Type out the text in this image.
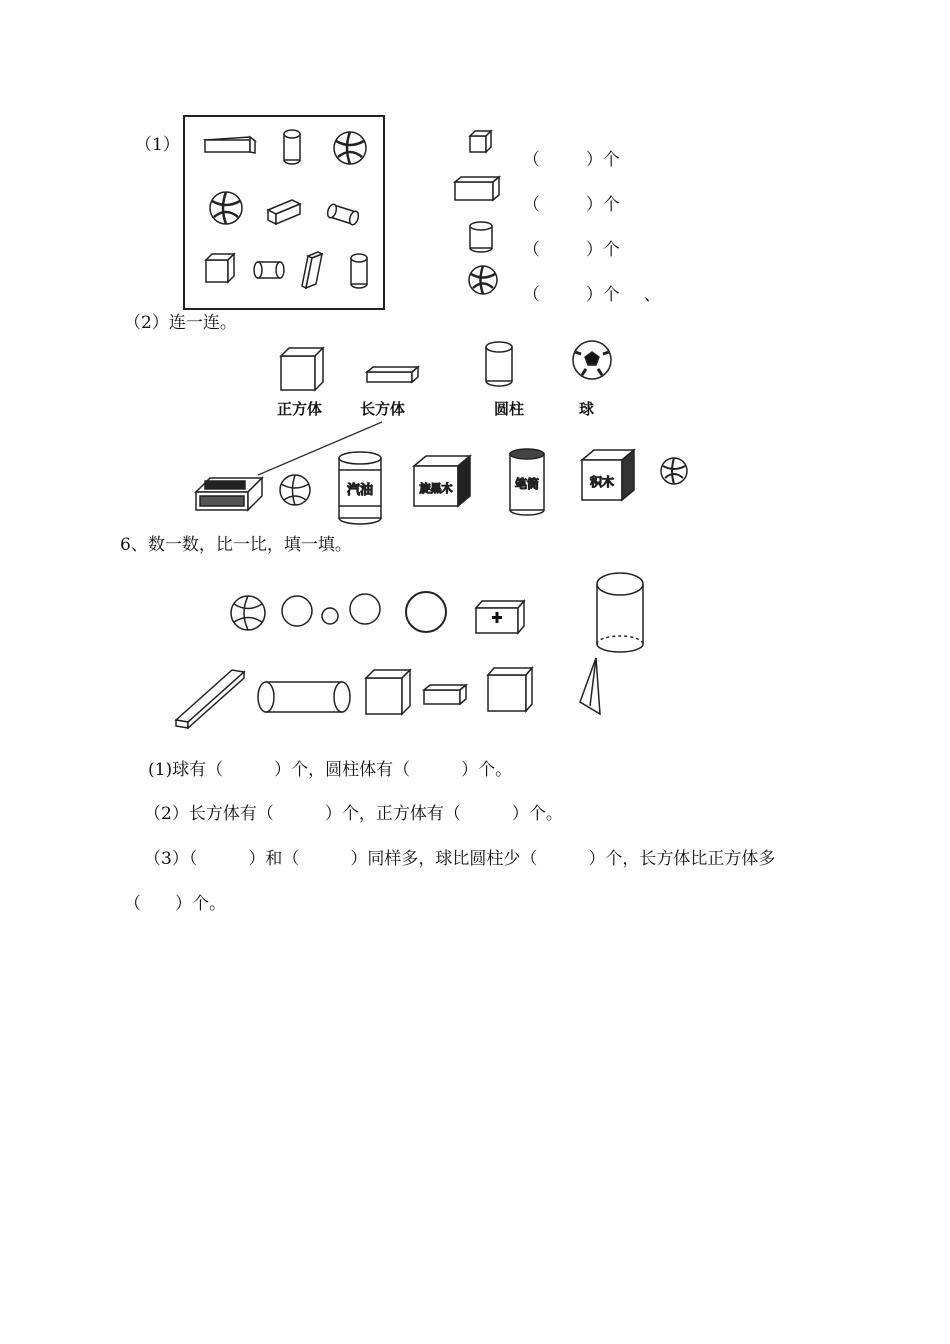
（1）

（	）个

（	）个

（	）个

（	）个 、

（2）连一连。
汽油	旋黑木	笔筒	积木
正方体	长方体	圆柱	球
6、数一数，比一比，填一填。
(1)球有（　　　）个，圆柱体有（　　　）个。
（2）长方体有（　　　）个，正方体有（　　　）个。
（3）（　　　）和（　　　）同样多，球比圆柱少（　　　）个，长方体比正方体多
（　　）个。
